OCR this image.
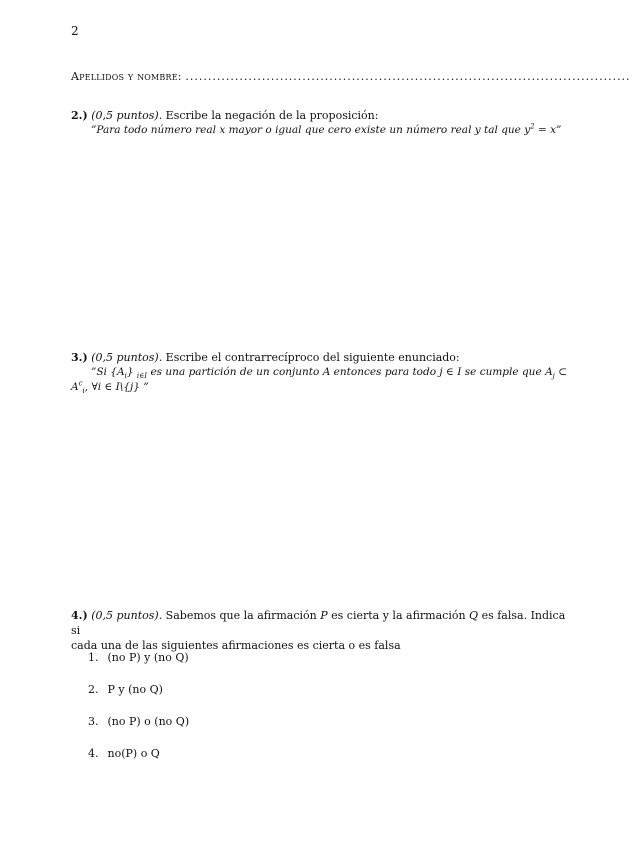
2
Apellidos y nombre: ...................................................................................................
2.) (0,5 puntos). Escribe la negación de la proposición:
”Para todo número real x mayor o igual que cero existe un número real y tal que $y^2 = x$”
3.) (0,5 puntos). Escribe el contrarrecíproco del siguiente enunciado:
”Si $\{A_i\}$ $_{i\in I}$ es una partición de un conjunto A entonces para todo j ∈ I se cumple que $A_j$ ⊂ $A^c_i$, ∀i ∈ I\{j} ”
4.) (0,5 puntos). Sabemos que la afirmación P es cierta y la afirmación Q es falsa. Indica si
cada una de las siguientes afirmaciones es cierta o es falsa
1. (no P) y (no Q)
2. P y (no Q)
3. (no P) o (no Q)
4. no(P) o Q
